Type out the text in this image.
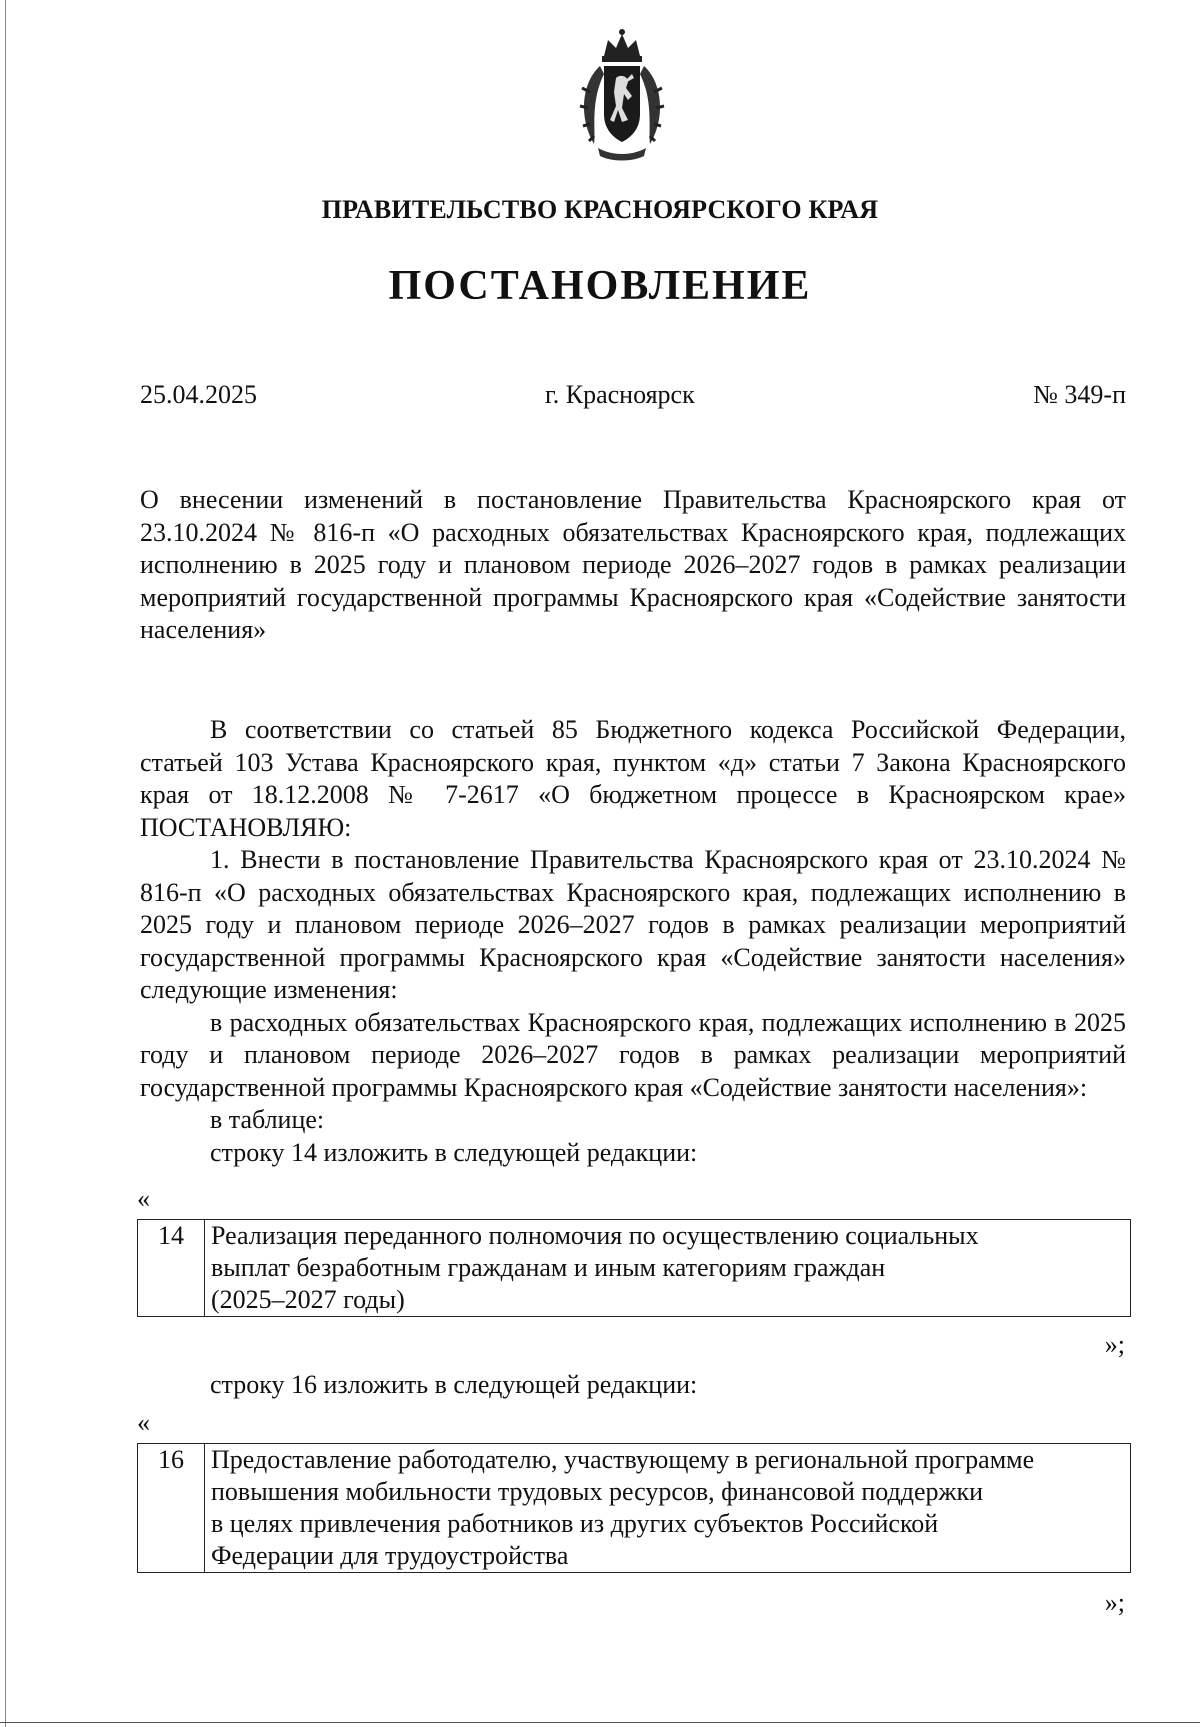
ПРАВИТЕЛЬСТВО КРАСНОЯРСКОГО КРАЯ
ПОСТАНОВЛЕНИЕ
25.04.2025	г. Красноярск	№ 349-п
О внесении изменений в постановление Правительства Красноярского края от 23.10.2024 № 816-п «О расходных обязательствах Красноярского края, подлежащих исполнению в 2025 году и плановом периоде 2026–2027 годов в рамках реализации мероприятий государственной программы Красноярского края «Содействие занятости населения»
В соответствии со статьей 85 Бюджетного кодекса Российской Федерации, статьей 103 Устава Красноярского края, пунктом «д» статьи 7 Закона Красноярского края от 18.12.2008 № 7-2617 «О бюджетном процессе в Красноярском крае» ПОСТАНОВЛЯЮ:
1. Внести в постановление Правительства Красноярского края от 23.10.2024 № 816-п «О расходных обязательствах Красноярского края, подлежащих исполнению в 2025 году и плановом периоде 2026–2027 годов в рамках реализации мероприятий государственной программы Красноярского края «Содействие занятости населения» следующие изменения:
в расходных обязательствах Красноярского края, подлежащих исполнению в 2025 году и плановом периоде 2026–2027 годов в рамках реализации мероприятий государственной программы Красноярского края «Содействие занятости населения»:
в таблице:
строку 14 изложить в следующей редакции:
«
14	Реализация переданного полномочия по осуществлению социальных
выплат безработным гражданам и иным категориям граждан
(2025–2027 годы)
»;
строку 16 изложить в следующей редакции:
«
16	Предоставление работодателю, участвующему в региональной программе
повышения мобильности трудовых ресурсов, финансовой поддержки
в целях привлечения работников из других субъектов Российской
Федерации для трудоустройства
»;
